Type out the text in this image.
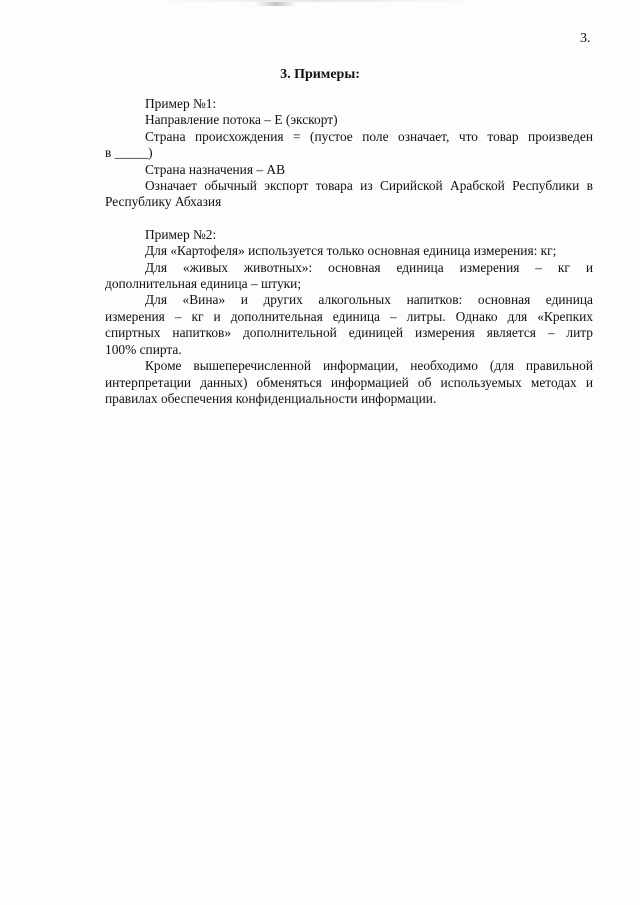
3.
3. Примеры:
Пример №1:
Направление потока – E (экскорт)
Страна происхождения = (пустое поле означает, что товар произведен
в _____)
Страна назначения – AB
Означает обычный экспорт товара из Сирийской Арабской Республики в
Республику Абхазия
Пример №2:
Для «Картофеля» используется только основная единица измерения: кг;
Для «живых животных»: основная единица измерения – кг и
дополнительная единица – штуки;
Для «Вина» и других алкогольных напитков: основная единица
измерения – кг и дополнительная единица – литры. Однако для «Крепких
спиртных напитков» дополнительной единицей измерения является – литр
100% спирта.
Кроме вышеперечисленной информации, необходимо (для правильной
интерпретации данных) обменяться информацией об используемых методах и
правилах обеспечения конфиденциальности информации.
